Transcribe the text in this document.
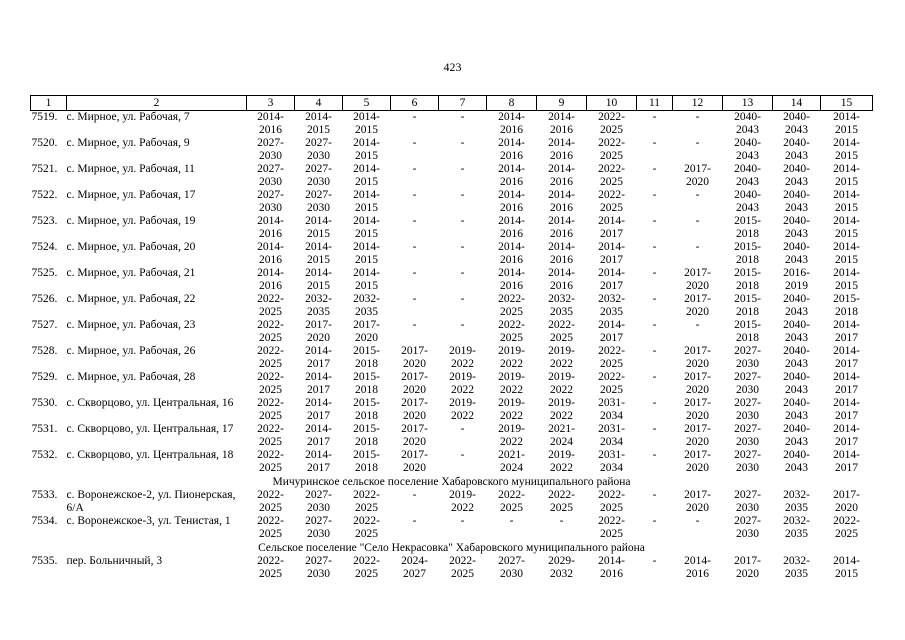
423
1	2	3	4	5	6	7	8	9	10	11	12	13	14	15
7519.	с. Мирное, ул. Рабочая, 7	2014-
2016	2014-
2015	2014-
2015	-	-	2014-
2016	2014-
2016	2022-
2025	-	-	2040-
2043	2040-
2043	2014-
2015
7520.	с. Мирное, ул. Рабочая, 9	2027-
2030	2027-
2030	2014-
2015	-	-	2014-
2016	2014-
2016	2022-
2025	-	-	2040-
2043	2040-
2043	2014-
2015
7521.	с. Мирное, ул. Рабочая, 11	2027-
2030	2027-
2030	2014-
2015	-	-	2014-
2016	2014-
2016	2022-
2025	-	2017-
2020	2040-
2043	2040-
2043	2014-
2015
7522.	с. Мирное, ул. Рабочая, 17	2027-
2030	2027-
2030	2014-
2015	-	-	2014-
2016	2014-
2016	2022-
2025	-	-	2040-
2043	2040-
2043	2014-
2015
7523.	с. Мирное, ул. Рабочая, 19	2014-
2016	2014-
2015	2014-
2015	-	-	2014-
2016	2014-
2016	2014-
2017	-	-	2015-
2018	2040-
2043	2014-
2015
7524.	с. Мирное, ул. Рабочая, 20	2014-
2016	2014-
2015	2014-
2015	-	-	2014-
2016	2014-
2016	2014-
2017	-	-	2015-
2018	2040-
2043	2014-
2015
7525.	с. Мирное, ул. Рабочая, 21	2014-
2016	2014-
2015	2014-
2015	-	-	2014-
2016	2014-
2016	2014-
2017	-	2017-
2020	2015-
2018	2016-
2019	2014-
2015
7526.	с. Мирное, ул. Рабочая, 22	2022-
2025	2032-
2035	2032-
2035	-	-	2022-
2025	2032-
2035	2032-
2035	-	2017-
2020	2015-
2018	2040-
2043	2015-
2018
7527.	с. Мирное, ул. Рабочая, 23	2022-
2025	2017-
2020	2017-
2020	-	-	2022-
2025	2022-
2025	2014-
2017	-	-	2015-
2018	2040-
2043	2014-
2017
7528.	с. Мирное, ул. Рабочая, 26	2022-
2025	2014-
2017	2015-
2018	2017-
2020	2019-
2022	2019-
2022	2019-
2022	2022-
2025	-	2017-
2020	2027-
2030	2040-
2043	2014-
2017
7529.	с. Мирное, ул. Рабочая, 28	2022-
2025	2014-
2017	2015-
2018	2017-
2020	2019-
2022	2019-
2022	2019-
2022	2022-
2025	-	2017-
2020	2027-
2030	2040-
2043	2014-
2017
7530.	с. Скворцово, ул. Центральная, 16	2022-
2025	2014-
2017	2015-
2018	2017-
2020	2019-
2022	2019-
2022	2019-
2022	2031-
2034	-	2017-
2020	2027-
2030	2040-
2043	2014-
2017
7531.	с. Скворцово, ул. Центральная, 17	2022-
2025	2014-
2017	2015-
2018	2017-
2020	-	2019-
2022	2021-
2024	2031-
2034	-	2017-
2020	2027-
2030	2040-
2043	2014-
2017
7532.	с. Скворцово, ул. Центральная, 18	2022-
2025	2014-
2017	2015-
2018	2017-
2020	-	2021-
2024	2019-
2022	2031-
2034	-	2017-
2020	2027-
2030	2040-
2043	2014-
2017
Мичуринское сельское поселение Хабаровского муниципального района														
7533.	с. Воронежское-2, ул. Пионерская, 6/А	2022-
2025	2027-
2030	2022-
2025	-	2019-
2022	2022-
2025	2022-
2025	2022-
2025	-	2017-
2020	2027-
2030	2032-
2035	2017-
2020
7534.	с. Воронежское-3, ул. Тенистая, 1	2022-
2025	2027-
2030	2022-
2025	-	-	-	-	2022-
2025	-	-	2027-
2030	2032-
2035	2022-
2025
Сельское поселение "Село Некрасовка" Хабаровского муниципального района														
7535.	пер. Больничный, 3	2022-
2025	2027-
2030	2022-
2025	2024-
2027	2022-
2025	2027-
2030	2029-
2032	2014-
2016	-	2014-
2016	2017-
2020	2032-
2035	2014-
2015
